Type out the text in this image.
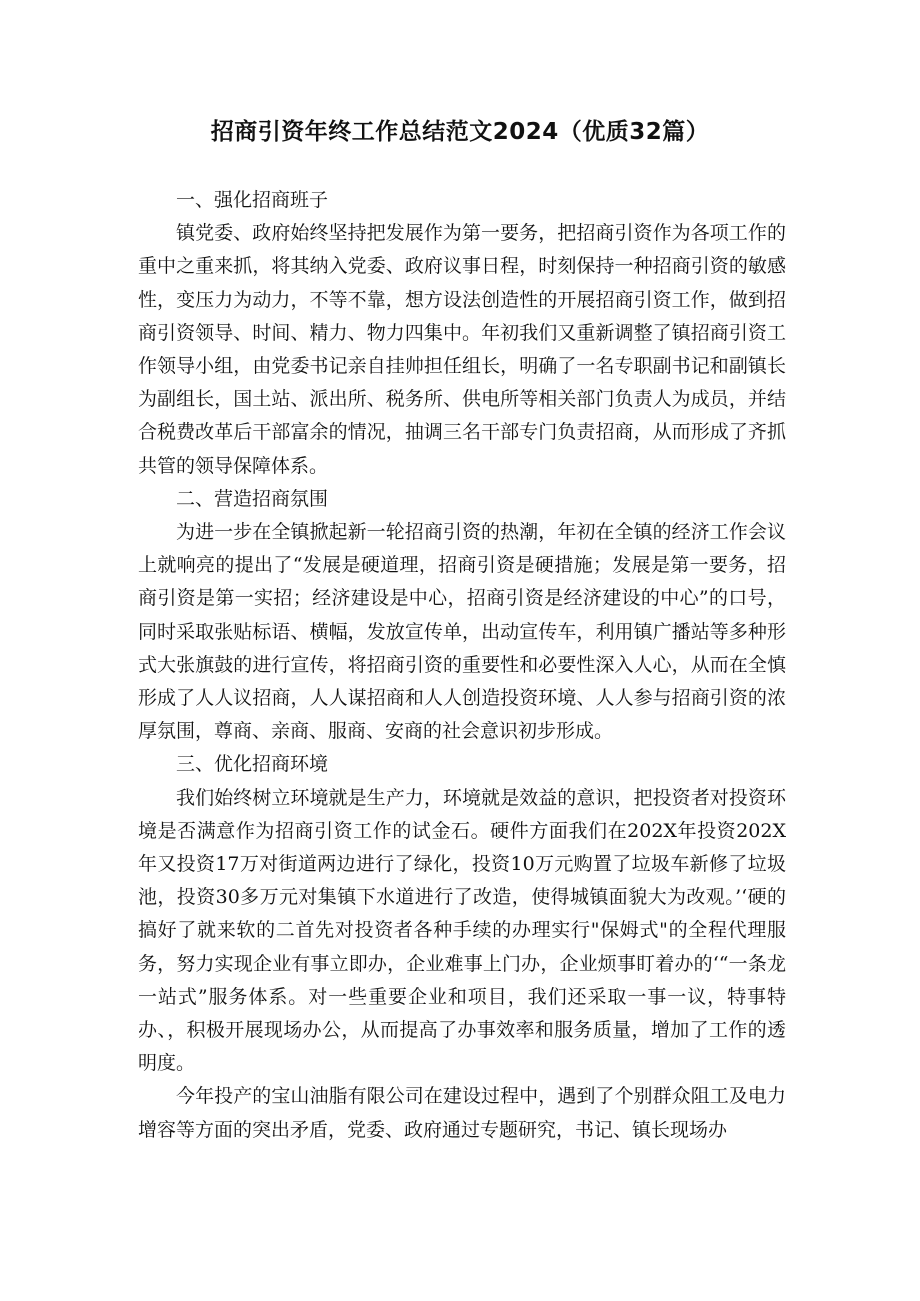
招商引资年终工作总结范文2024（优质32篇）

一、强化招商班子

镇党委、政府始终坚持把发展作为第一要务，把招商引资作为各项工作的重中之重来抓，将其纳入党委、政府议事日程，时刻保持一种招商引资的敏感性，变压力为动力，不等不靠，想方设法创造性的开展招商引资工作，做到招商引资领导、时间、精力、物力四集中。年初我们又重新调整了镇招商引资工作领导小组，由党委书记亲自挂帅担任组长，明确了一名专职副书记和副镇长为副组长，国土站、派出所、税务所、供电所等相关部门负责人为成员，并结合税费改革后干部富余的情况，抽调三名干部专门负责招商，从而形成了齐抓共管的领导保障体系。

二、营造招商氛围

为进一步在全镇掀起新一轮招商引资的热潮，年初在全镇的经济工作会议上就响亮的提出了“发展是硬道理，招商引资是硬措施；发展是第一要务，招商引资是第一实招；经济建设是中心，招商引资是经济建设的中心”的口号，同时采取张贴标语、横幅，发放宣传单，出动宣传车，利用镇广播站等多种形式大张旗鼓的进行宣传，将招商引资的重要性和必要性深入人心，从而在全慎形成了人人议招商，人人谋招商和人人创造投资环境、人人参与招商引资的浓厚氛围，尊商、亲商、服商、安商的社会意识初步形成。

三、优化招商环境

我们始终树立环境就是生产力，环境就是效益的意识，把投资者对投资环境是否满意作为招商引资工作的试金石。硬件方面我们在202X年投资202X年又投资17万对街道两边进行了绿化，投资10万元购置了垃圾车新修了垃圾池，投资30多万元对集镇下水道进行了改造，使得城镇面貌大为改观。’‘硬的搞好了就来软的二首先对投资者各种手续的办理实行"保姆式"的全程代理服务，努力实现企业有事立即办，企业难事上门办，企业烦事盯着办的‘“一条龙一站式”服务体系。对一些重要企业和项目，我们还采取一事一议，特事特办、，积极开展现场办公，从而提高了办事效率和服务质量，增加了工作的透明度。

今年投产的宝山油脂有限公司在建设过程中，遇到了个别群众阻工及电力增容等方面的突出矛盾，党委、政府通过专题研究，书记、镇长现场办
